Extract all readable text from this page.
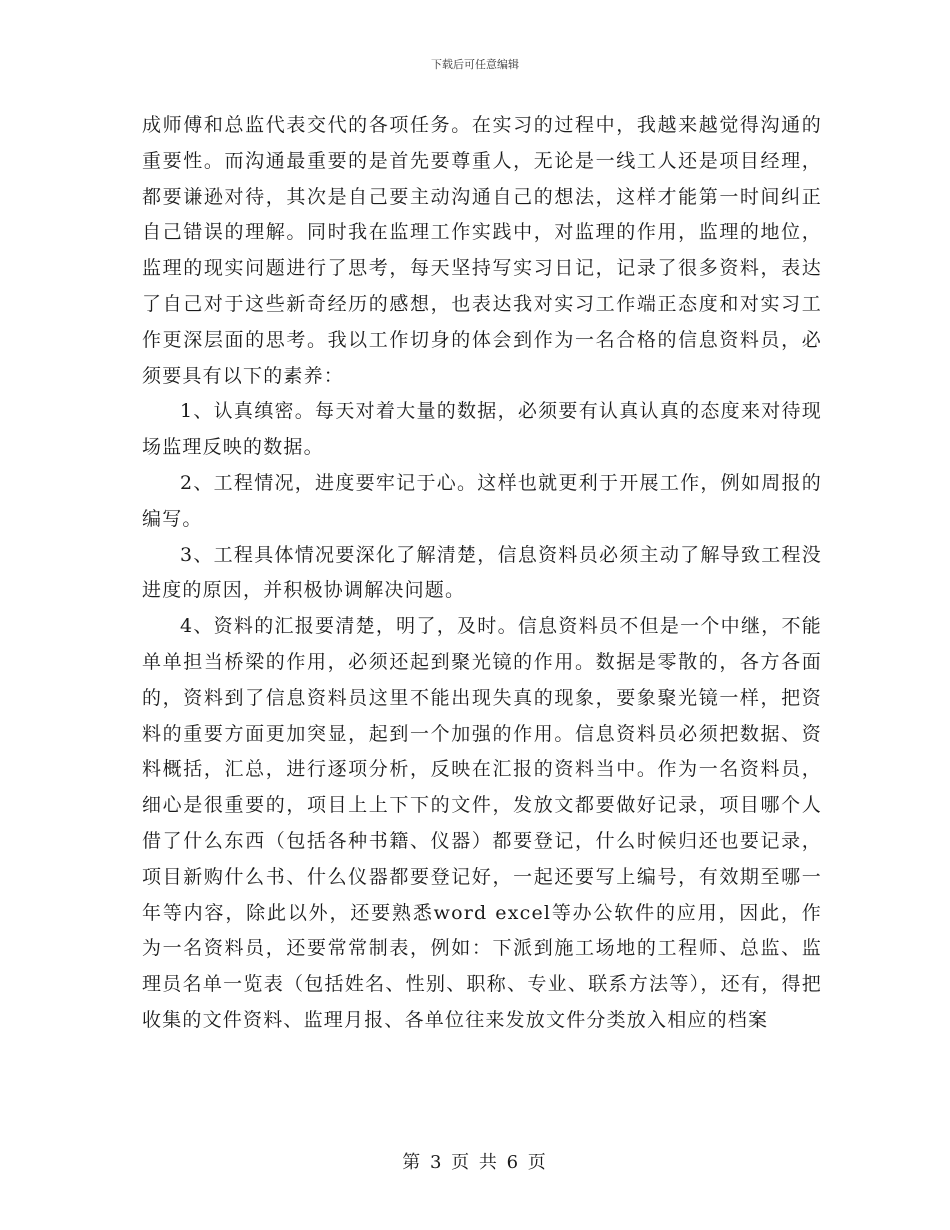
下载后可任意编辑

成师傅和总监代表交代的各项任务。在实习的过程中，我越来越觉得沟通的重要性。而沟通最重要的是首先要尊重人，无论是一线工人还是项目经理，都要谦逊对待，其次是自己要主动沟通自己的想法，这样才能第一时间纠正自己错误的理解。同时我在监理工作实践中，对监理的作用，监理的地位，监理的现实问题进行了思考，每天坚持写实习日记，记录了很多资料，表达了自己对于这些新奇经历的感想，也表达我对实习工作端正态度和对实习工作更深层面的思考。我以工作切身的体会到作为一名合格的信息资料员，必须要具有以下的素养：

1、认真缜密。每天对着大量的数据，必须要有认真认真的态度来对待现场监理反映的数据。

2、工程情况，进度要牢记于心。这样也就更利于开展工作，例如周报的编写。

3、工程具体情况要深化了解清楚，信息资料员必须主动了解导致工程没进度的原因，并积极协调解决问题。

4、资料的汇报要清楚，明了，及时。信息资料员不但是一个中继，不能单单担当桥梁的作用，必须还起到聚光镜的作用。数据是零散的，各方各面的，资料到了信息资料员这里不能出现失真的现象，要象聚光镜一样，把资料的重要方面更加突显，起到一个加强的作用。信息资料员必须把数据、资料概括，汇总，进行逐项分析，反映在汇报的资料当中。作为一名资料员，细心是很重要的，项目上上下下的文件，发放文都要做好记录，项目哪个人借了什么东西（包括各种书籍、仪器）都要登记，什么时候归还也要记录，项目新购什么书、什么仪器都要登记好，一起还要写上编号，有效期至哪一年等内容，除此以外，还要熟悉word excel等办公软件的应用，因此，作为一名资料员，还要常常制表，例如：下派到施工场地的工程师、总监、监理员名单一览表（包括姓名、性别、职称、专业、联系方法等），还有，得把收集的文件资料、监理月报、各单位往来发放文件分类放入相应的档案

第 3 页 共 6 页
